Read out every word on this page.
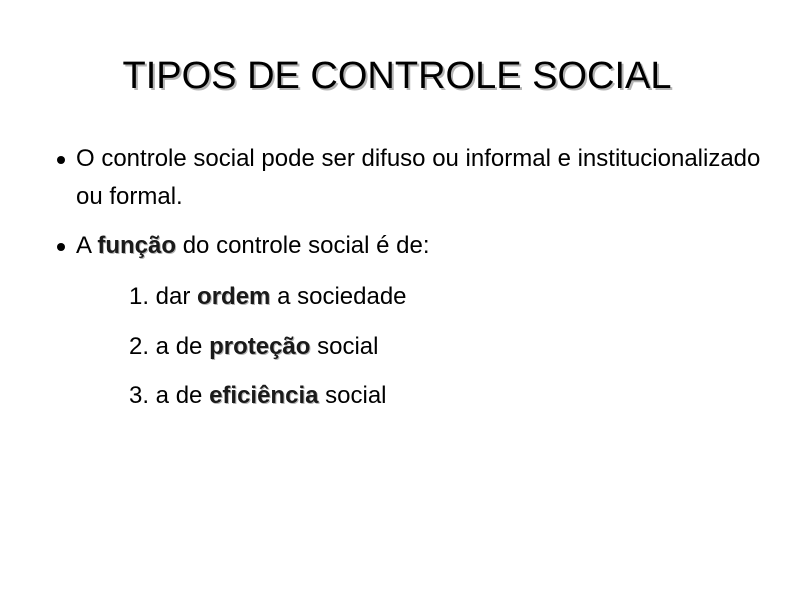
TIPOS DE CONTROLE SOCIAL
O controle social pode ser difuso ou informal e institucionalizado ou formal.
A função do controle social é de:
1. dar ordem a sociedade
2. a de proteção social
3. a de eficiência social
